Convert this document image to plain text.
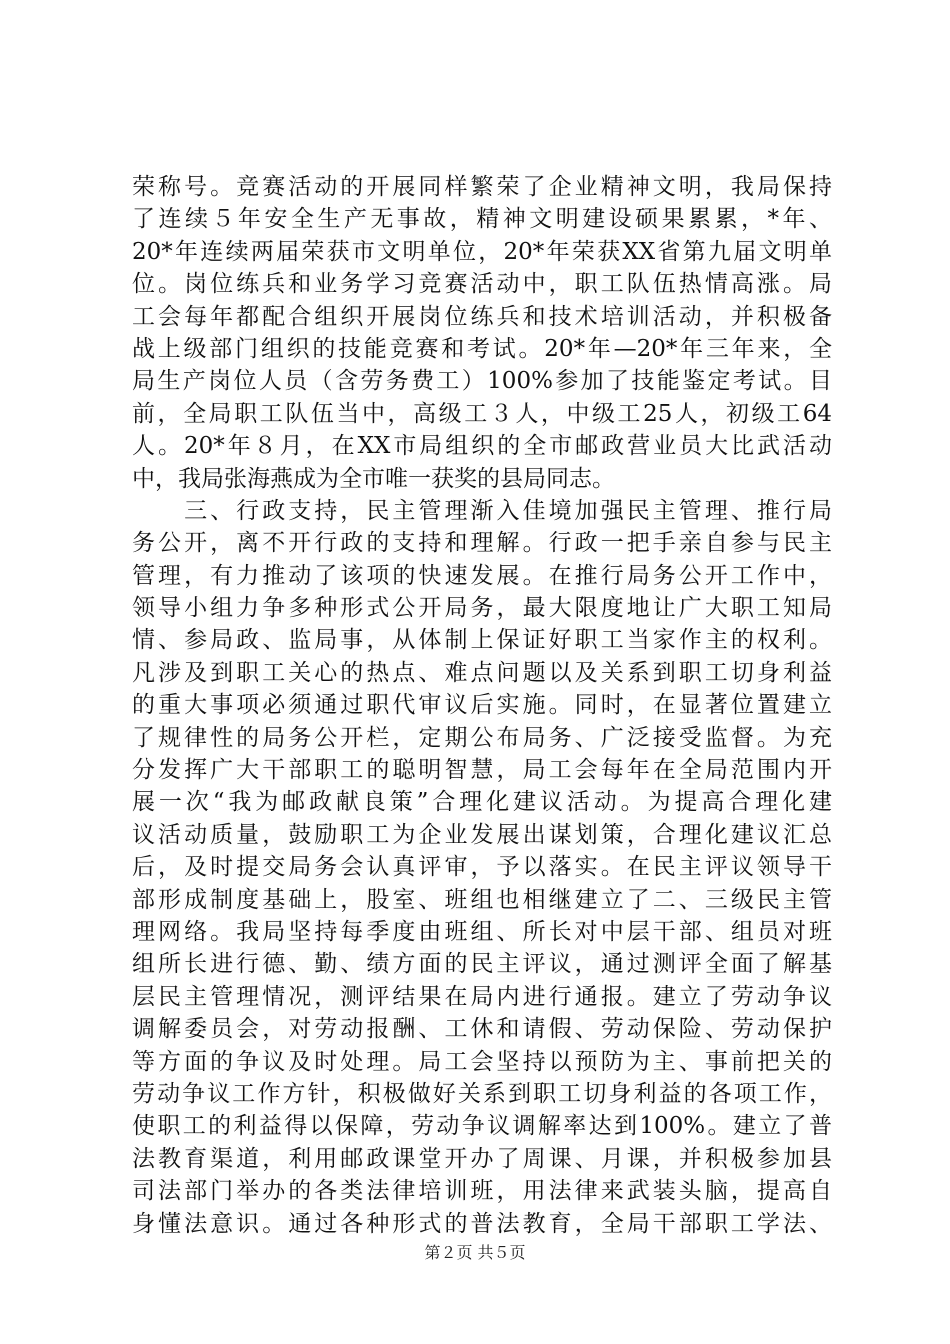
荣称号。竞赛活动的开展同样繁荣了企业精神文明，我局保持
了连续５年安全生产无事故，精神文明建设硕果累累，*年、
20*年连续两届荣获市文明单位，20*年荣获XX省第九届文明单
位。岗位练兵和业务学习竞赛活动中，职工队伍热情高涨。局
工会每年都配合组织开展岗位练兵和技术培训活动，并积极备
战上级部门组织的技能竞赛和考试。20*年—20*年三年来，全
局生产岗位人员（含劳务费工）100%参加了技能鉴定考试。目
前，全局职工队伍当中，高级工３人，中级工25人，初级工64
人。20*年８月，在XX市局组织的全市邮政营业员大比武活动
中，我局张海燕成为全市唯一获奖的县局同志。
　　三、行政支持，民主管理渐入佳境加强民主管理、推行局
务公开，离不开行政的支持和理解。行政一把手亲自参与民主
管理，有力推动了该项的快速发展。在推行局务公开工作中，
领导小组力争多种形式公开局务，最大限度地让广大职工知局
情、参局政、监局事，从体制上保证好职工当家作主的权利。
凡涉及到职工关心的热点、难点问题以及关系到职工切身利益
的重大事项必须通过职代审议后实施。同时，在显著位置建立
了规律性的局务公开栏，定期公布局务、广泛接受监督。为充
分发挥广大干部职工的聪明智慧，局工会每年在全局范围内开
展一次“我为邮政献良策”合理化建议活动。为提高合理化建
议活动质量，鼓励职工为企业发展出谋划策，合理化建议汇总
后，及时提交局务会认真评审，予以落实。在民主评议领导干
部形成制度基础上，股室、班组也相继建立了二、三级民主管
理网络。我局坚持每季度由班组、所长对中层干部、组员对班
组所长进行德、勤、绩方面的民主评议，通过测评全面了解基
层民主管理情况，测评结果在局内进行通报。建立了劳动争议
调解委员会，对劳动报酬、工休和请假、劳动保险、劳动保护
等方面的争议及时处理。局工会坚持以预防为主、事前把关的
劳动争议工作方针，积极做好关系到职工切身利益的各项工作，
使职工的利益得以保障，劳动争议调解率达到100%。建立了普
法教育渠道，利用邮政课堂开办了周课、月课，并积极参加县
司法部门举办的各类法律培训班，用法律来武装头脑，提高自
身懂法意识。通过各种形式的普法教育，全局干部职工学法、
第２页 共５页
